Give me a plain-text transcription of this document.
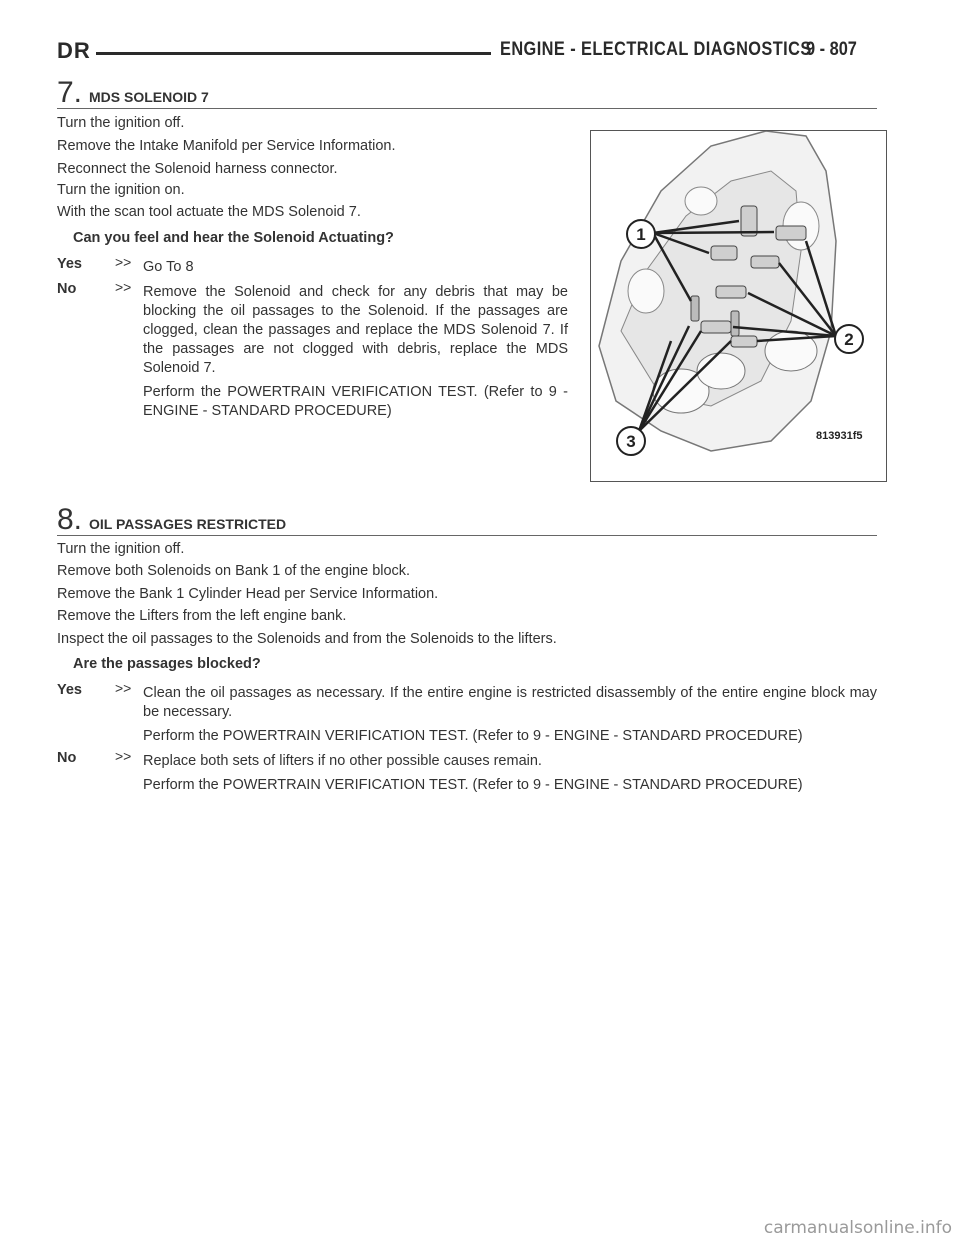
DR	ENGINE - ELECTRICAL DIAGNOSTICS
9 - 807
7. MDS SOLENOID 7
Turn the ignition off.
Remove the Intake Manifold per Service Information.
Reconnect the Solenoid harness connector.
Turn the ignition on.
With the scan tool actuate the MDS Solenoid 7.
Can you feel and hear the Solenoid Actuating?
Yes >> Go To 8

No	>> Remove the Solenoid and check for any debris that may be blocking the oil passages to the Solenoid. If the passages are clogged, clean the passages and replace the MDS Solenoid 7. If the passages are not clogged with debris, replace the MDS Solenoid 7.

Perform the POWERTRAIN VERIFICATION TEST. (Refer to 9 - ENGINE - STANDARD PROCEDURE)

1
2
3	813931f5
8. OIL PASSAGES RESTRICTED
Turn the ignition off.
Remove both Solenoids on Bank 1 of the engine block.
Remove the Bank 1 Cylinder Head per Service Information.
Remove the Lifters from the left engine bank.
Inspect the oil passages to the Solenoids and from the Solenoids to the lifters.
Are the passages blocked?
Yes >> Clean the oil passages as necessary. If the entire engine is restricted disassembly of the entire engine block may be necessary.

Perform the POWERTRAIN VERIFICATION TEST. (Refer to 9 - ENGINE - STANDARD PROCEDURE)

No	>> Replace both sets of lifters if no other possible causes remain.

Perform the POWERTRAIN VERIFICATION TEST. (Refer to 9 - ENGINE - STANDARD PROCEDURE)

carmanualsonline.info
